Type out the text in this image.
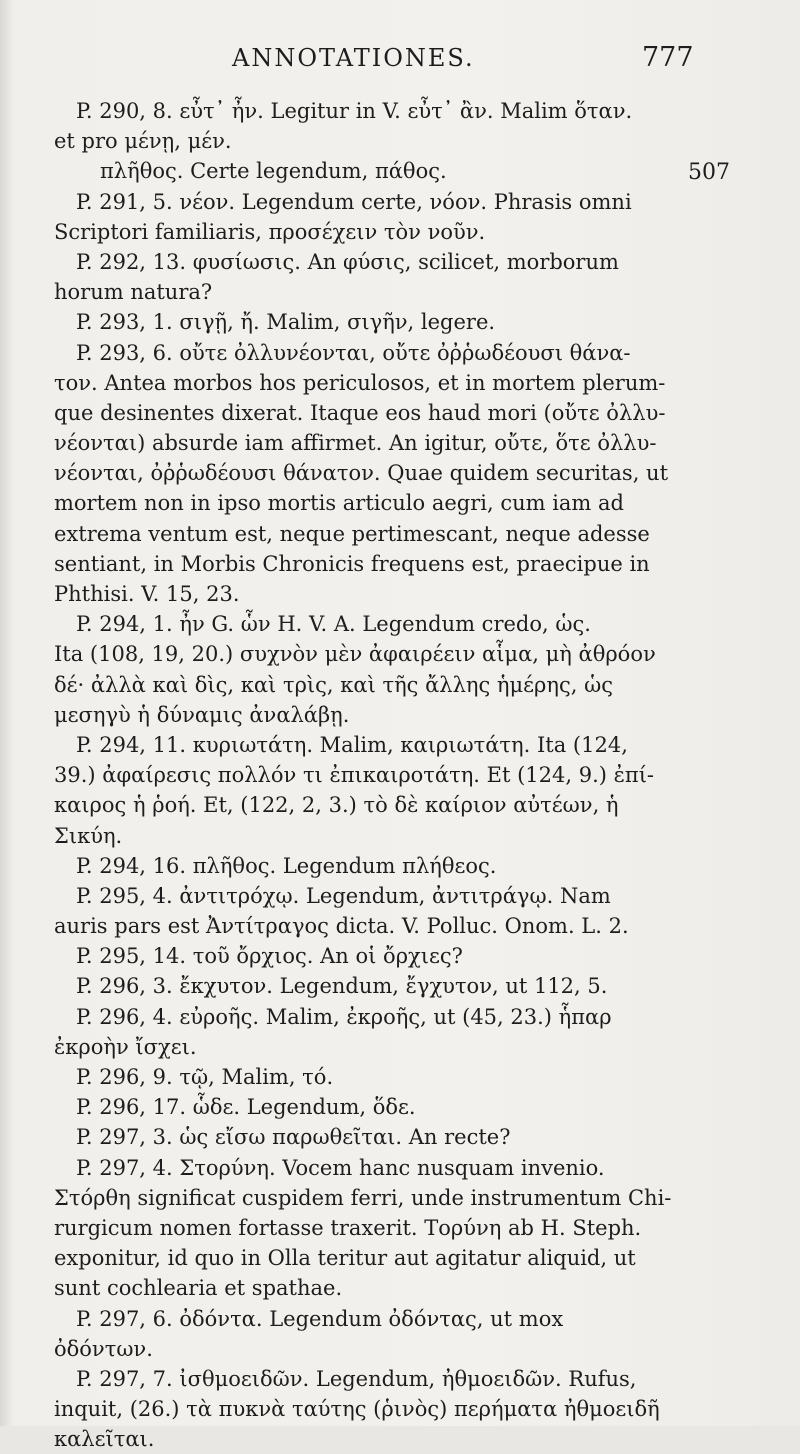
ANNOTATIONES.	777
507
P. 290, 8. εὖτ᾽ ἦν. Legitur in V. εὖτ᾽ ἂν. Malim ὅταν.
et pro μένῃ, μέν.
πλῆθος. Certe legendum, πάθος.
P. 291, 5. νέον. Legendum certe, νόον. Phrasis omni
Scriptori familiaris, προσέχειν τὸν νοῦν.
P. 292, 13. φυσίωσις. An φύσις, scilicet, morborum
horum natura?
P. 293, 1. σιγῇ, ἤ. Malim, σιγῆν, legere.
P. 293, 6. οὔτε ὀλλυνέονται, οὔτε ὀῤῥωδέουσι θάνα-
τον. Antea morbos hos periculosos, et in mortem plerum-
que desinentes dixerat. Itaque eos haud mori (οὔτε ὀλλυ-
νέονται) absurde iam affirmet. An igitur, οὔτε, ὅτε ὀλλυ-
νέονται, ὀῤῥωδέουσι θάνατον. Quae quidem securitas, ut
mortem non in ipso mortis articulo aegri, cum iam ad
extrema ventum est, neque pertimescant, neque adesse
sentiant, in Morbis Chronicis frequens est, praecipue in
Phthisi. V. 15, 23.
P. 294, 1. ἦν G. ὧν H. V. A. Legendum credo, ὡς.
Ita (108, 19, 20.) συχνὸν μὲν ἀφαιρέειν αἷμα, μὴ ἀθρόον
δέ· ἀλλὰ καὶ δὶς, καὶ τρὶς, καὶ τῆς ἄλλης ἡμέρης, ὡς
μεσηγὺ ἡ δύναμις ἀναλάβῃ.
P. 294, 11. κυριωτάτη. Malim, καιριωτάτη. Ita (124,
39.) ἀφαίρεσις πολλόν τι ἐπικαιροτάτη. Et (124, 9.) ἐπί-
καιρος ἡ ῥοή. Et, (122, 2, 3.) τὸ δὲ καίριον αὐτέων, ἡ
Σικύη.
P. 294, 16. πλῆθος. Legendum πλήθεος.
P. 295, 4. ἀντιτρόχῳ. Legendum, ἀντιτράγῳ. Nam
auris pars est Ἀντίτραγος dicta. V. Polluc. Onom. L. 2.
P. 295, 14. τοῦ ὄρχιος. An οἱ ὄρχιες?
P. 296, 3. ἔκχυτον. Legendum, ἔγχυτον, ut 112, 5.
P. 296, 4. εὐροῆς. Malim, ἐκροῆς, ut (45, 23.) ἧπαρ
ἐκροὴν ἴσχει.
P. 296, 9. τῷ, Malim, τό.
P. 296, 17. ὧδε. Legendum, ὅδε.
P. 297, 3. ὡς εἴσω παρωθεῖται. An recte?
P. 297, 4. Στορύνη. Vocem hanc nusquam invenio.
Στόρθη significat cuspidem ferri, unde instrumentum Chi-
rurgicum nomen fortasse traxerit. Τορύνη ab H. Steph.
exponitur, id quo in Olla teritur aut agitatur aliquid, ut
sunt cochlearia et spathae.
P. 297, 6. ὀδόντα. Legendum ὀδόντας, ut mox
ὀδόντων.
P. 297, 7. ἰσθμοειδῶν. Legendum, ἠθμοειδῶν. Rufus,
inquit, (26.) τὰ πυκνὰ ταύτης (ῥινὸς) περήματα ἠθμοειδῆ
καλεῖται.
